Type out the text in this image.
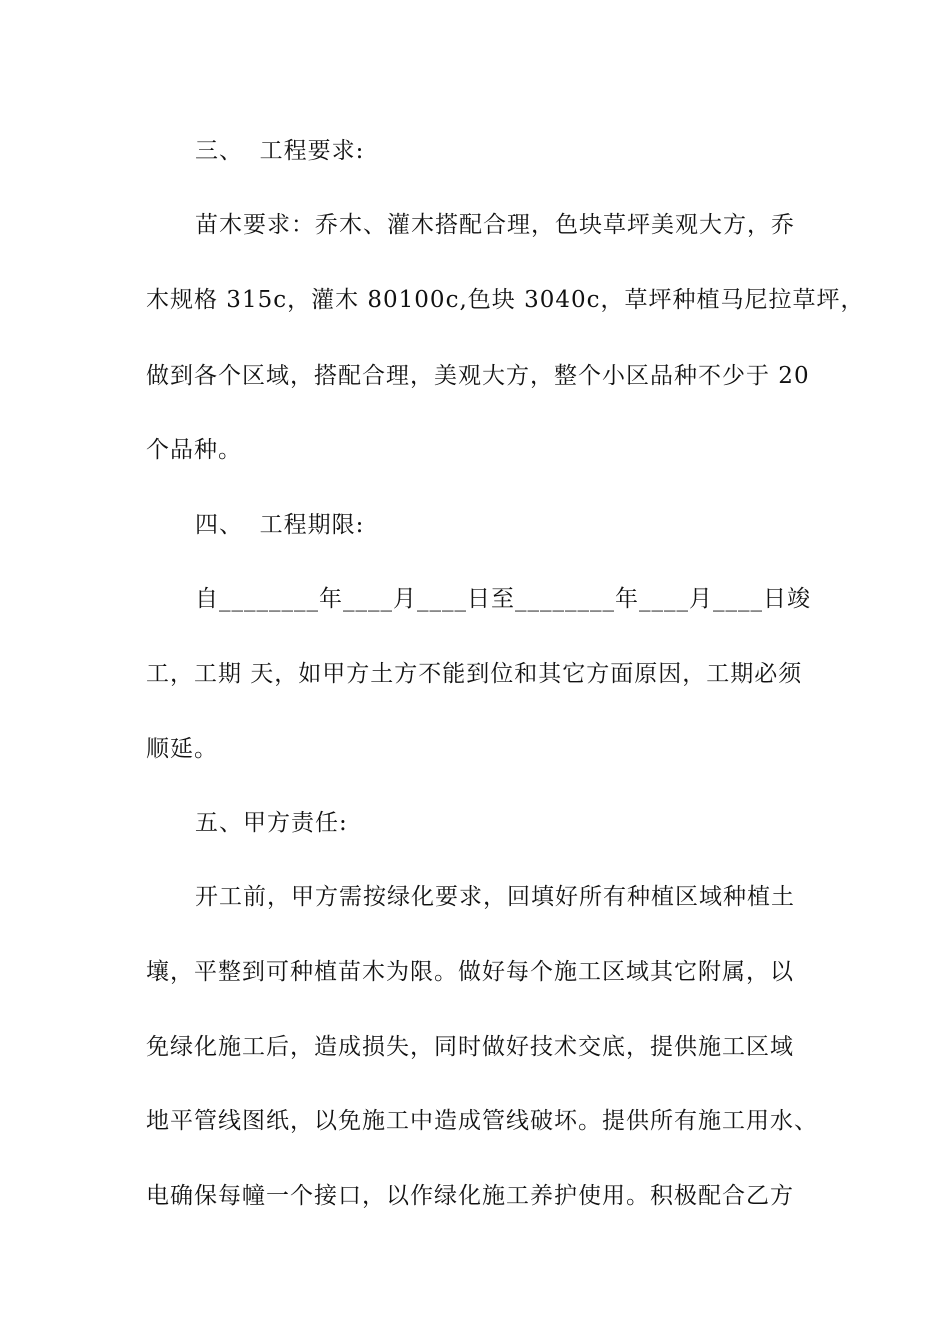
三、  工程要求:

苗木要求：乔木、灌木搭配合理，色块草坪美观大方，乔

木规格 315c，灌木 80100c,色块 3040c，草坪种植马尼拉草坪，

做到各个区域，搭配合理，美观大方，整个小区品种不少于 20

个品种。

四、  工程期限:

自________年____月____日至________年____月____日竣

工，工期 天，如甲方土方不能到位和其它方面原因，工期必须

顺延。

五、甲方责任:

开工前，甲方需按绿化要求，回填好所有种植区域种植土

壤，平整到可种植苗木为限。做好每个施工区域其它附属，以

免绿化施工后，造成损失，同时做好技术交底，提供施工区域

地平管线图纸，以免施工中造成管线破坏。提供所有施工用水、

电确保每幢一个接口，以作绿化施工养护使用。积极配合乙方
